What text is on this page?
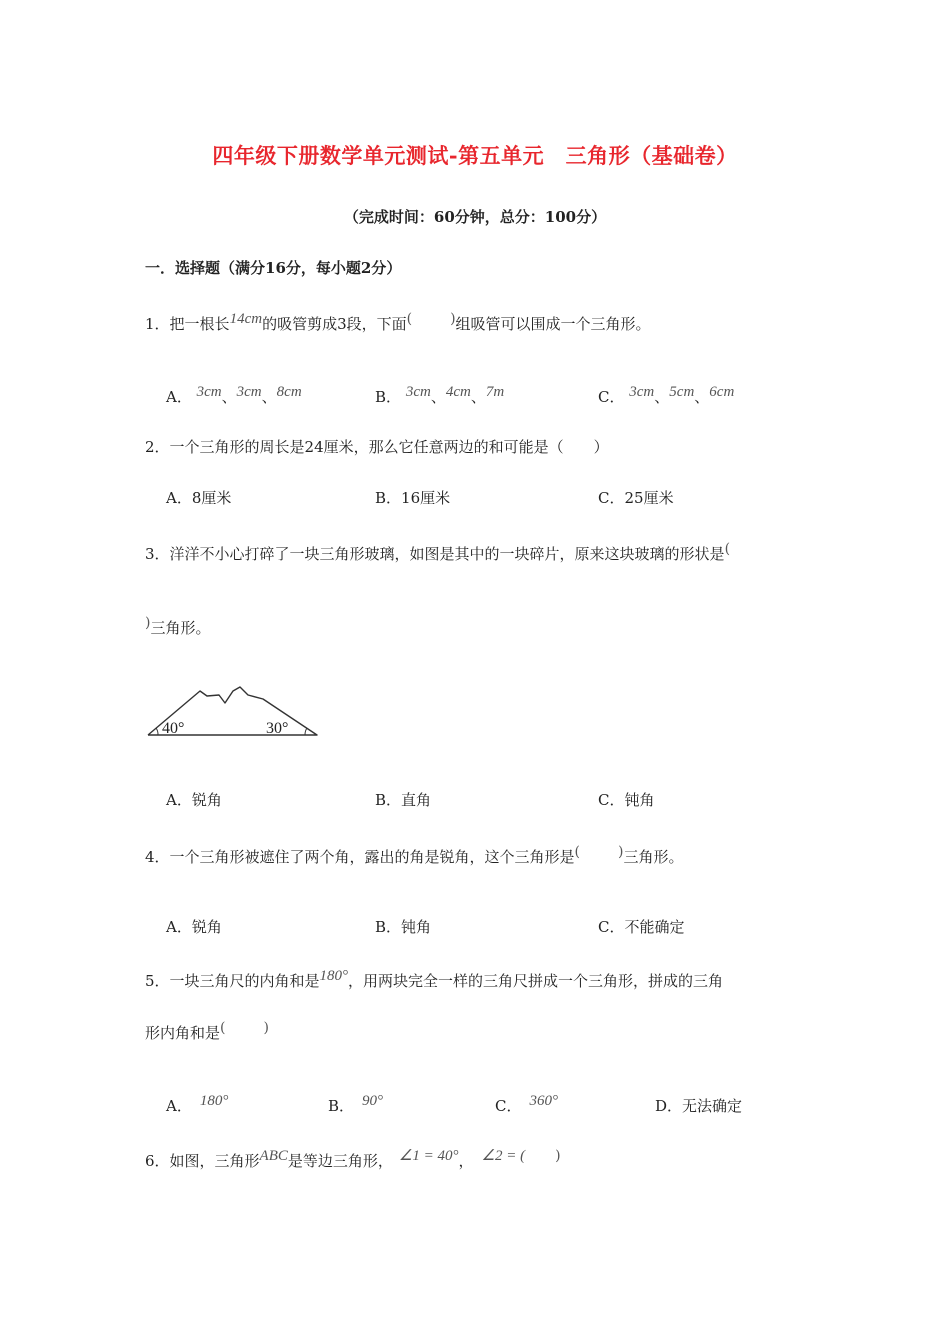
四年级下册数学单元测试-第五单元　三角形（基础卷）
（完成时间：60分钟，总分：100分）
一．选择题（满分16分，每小题2分）
1．把一根长14cm的吸管剪成3段，下面(	)组吸管可以围成一个三角形。
A． 3cm、3cm、8cm	B． 3cm、4cm、7m	C． 3cm、5cm、6cm
2．一个三角形的周长是24厘米，那么它任意两边的和可能是（　　）
A．8厘米	B．16厘米	C．25厘米
3．洋洋不小心打碎了一块三角形玻璃，如图是其中的一块碎片，原来这块玻璃的形状是(
)三角形。
40°	30°
A．锐角	B．直角	C．钝角
4．一个三角形被遮住了两个角，露出的角是锐角，这个三角形是(	)三角形。
A．锐角	B．钝角	C．不能确定
5．一块三角尺的内角和是180°，用两块完全一样的三角尺拼成一个三角形，拼成的三角
形内角和是(	)
A． 180°	B． 90°	C． 360°	D．无法确定
6．如图，三角形ABC是等边三角形， ∠1 = 40°， ∠2 = ( )
